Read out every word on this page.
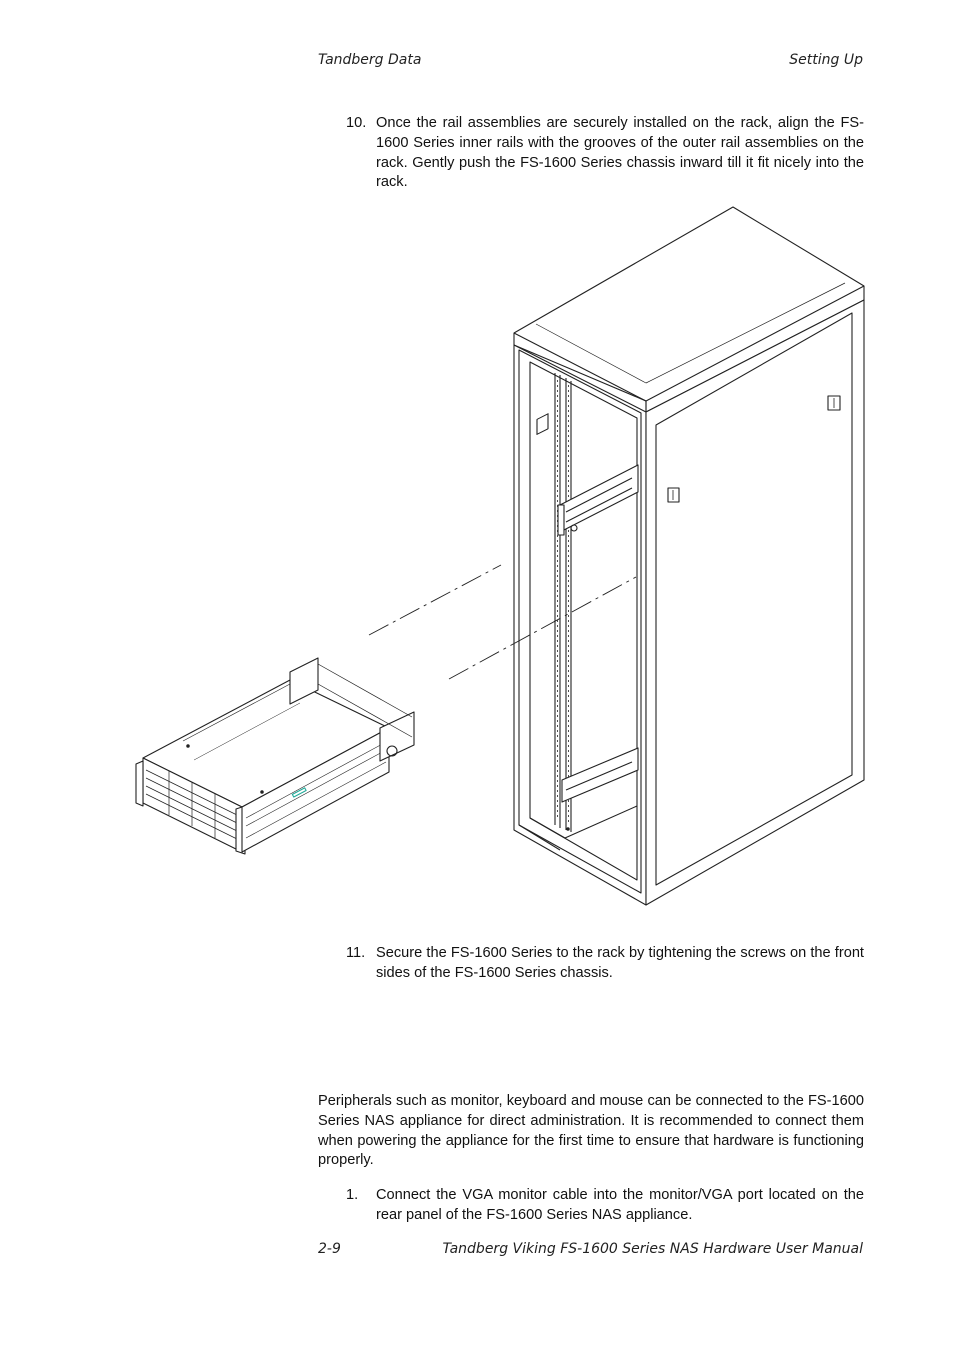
Tandberg Data	Setting Up
10. Once the rail assemblies are securely installed on the rack, align the FS-1600 Series inner rails with the grooves of the outer rail assemblies on the rack. Gently push the FS-1600 Series chassis inward till it fit nicely into the rack.
11. Secure the FS-1600 Series to the rack by tightening the screws on the front sides of the FS-1600 Series chassis.
Peripherals such as monitor, keyboard and mouse can be connected to the FS-1600 Series NAS appliance for direct administration. It is recommended to connect them when powering the appliance for the first time to ensure that hardware is functioning properly.
1. Connect the VGA monitor cable into the monitor/VGA port located on the rear panel of the FS-1600 Series NAS appliance.
2-9	Tandberg Viking FS-1600 Series NAS Hardware User Manual
